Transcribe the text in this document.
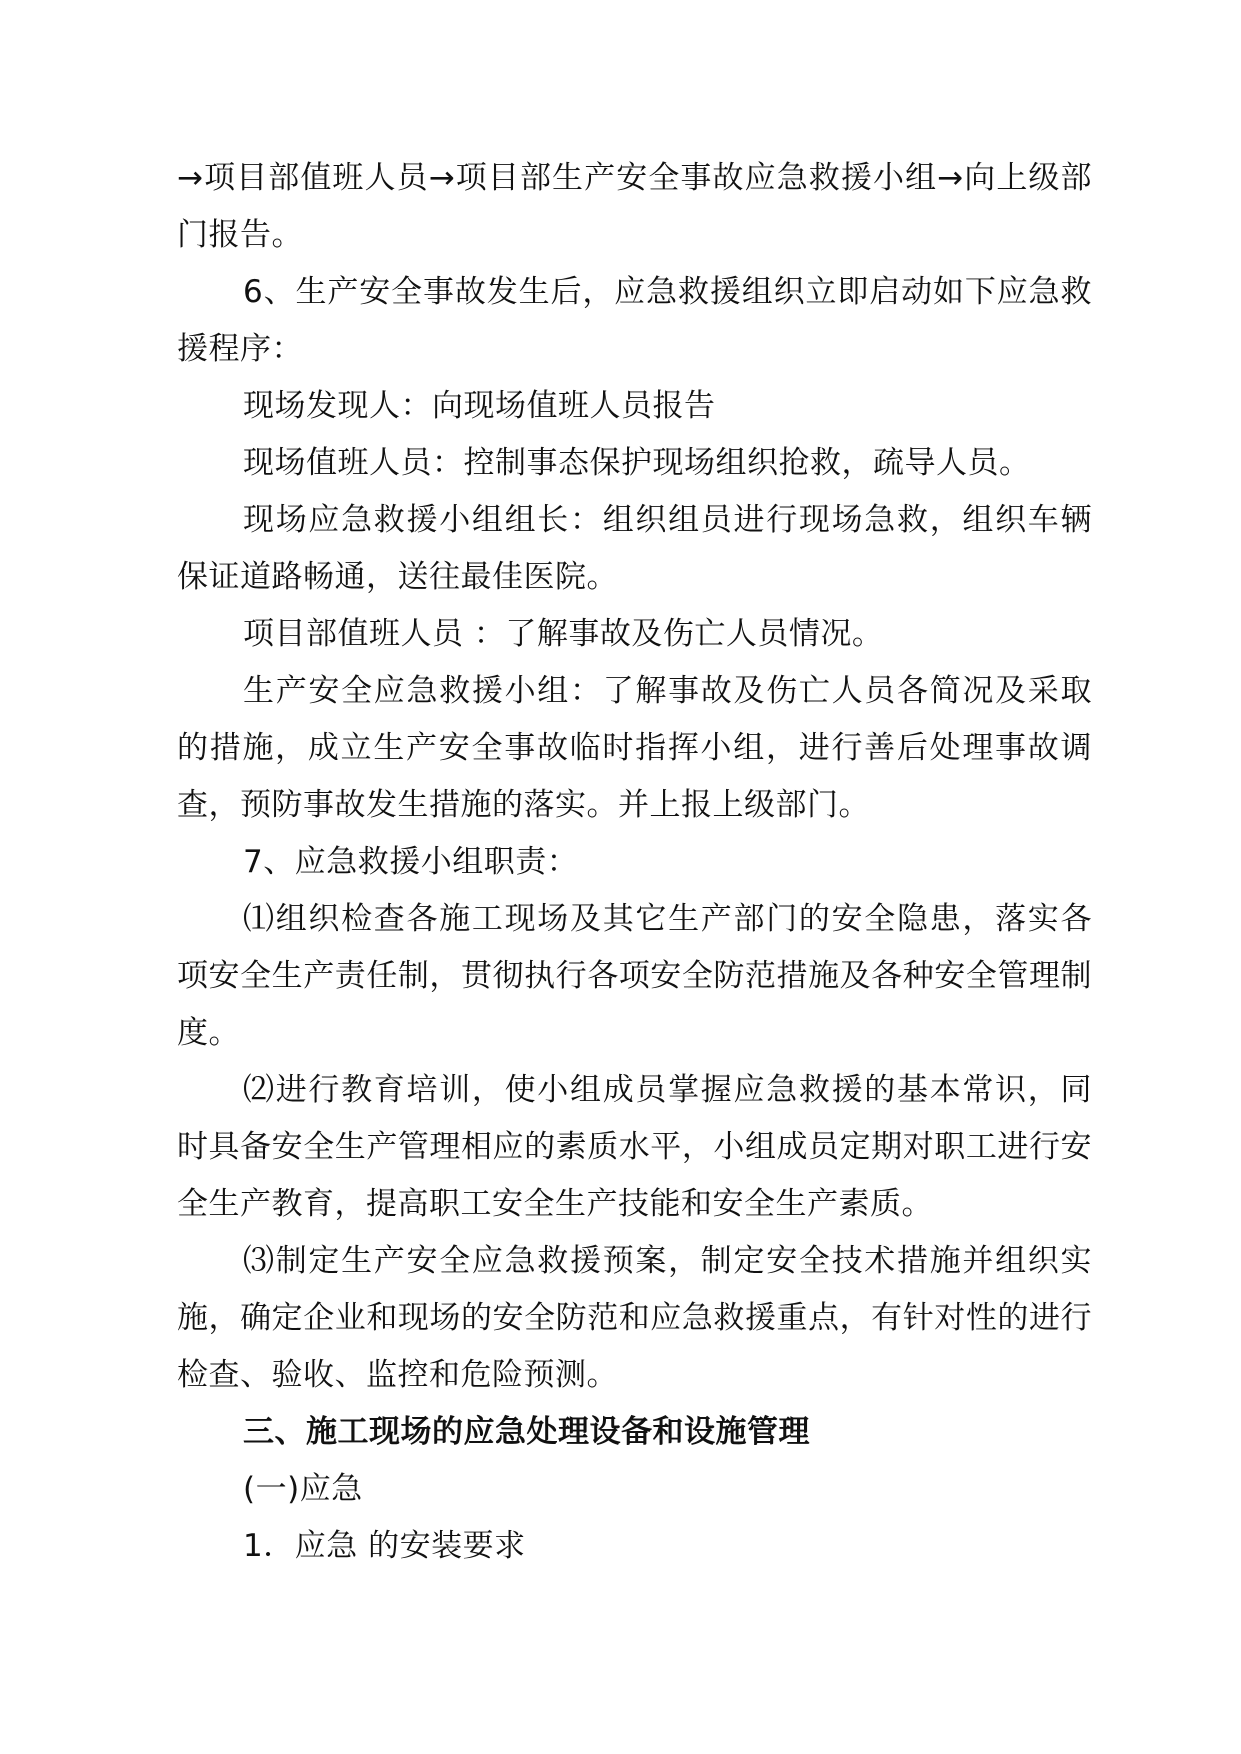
→项目部值班人员→项目部生产安全事故应急救援小组→向上级部门报告。

6、生产安全事故发生后，应急救援组织立即启动如下应急救援程序：

现场发现人：向现场值班人员报告

现场值班人员：控制事态保护现场组织抢救，疏导人员。

现场应急救援小组组长：组织组员进行现场急救，组织车辆保证道路畅通，送往最佳医院。

项目部值班人员 ：了解事故及伤亡人员情况。

生产安全应急救援小组：了解事故及伤亡人员各简况及采取的措施，成立生产安全事故临时指挥小组，进行善后处理事故调查，预防事故发生措施的落实。并上报上级部门。

7、应急救援小组职责：

⑴组织检查各施工现场及其它生产部门的安全隐患，落实各项安全生产责任制，贯彻执行各项安全防范措施及各种安全管理制度。

⑵进行教育培训，使小组成员掌握应急救援的基本常识，同时具备安全生产管理相应的素质水平，小组成员定期对职工进行安全生产教育，提高职工安全生产技能和安全生产素质。

⑶制定生产安全应急救援预案，制定安全技术措施并组织实施，确定企业和现场的安全防范和应急救援重点，有针对性的进行检查、验收、监控和危险预测。

三、施工现场的应急处理设备和设施管理

(一)应急

1．应急 的安装要求
